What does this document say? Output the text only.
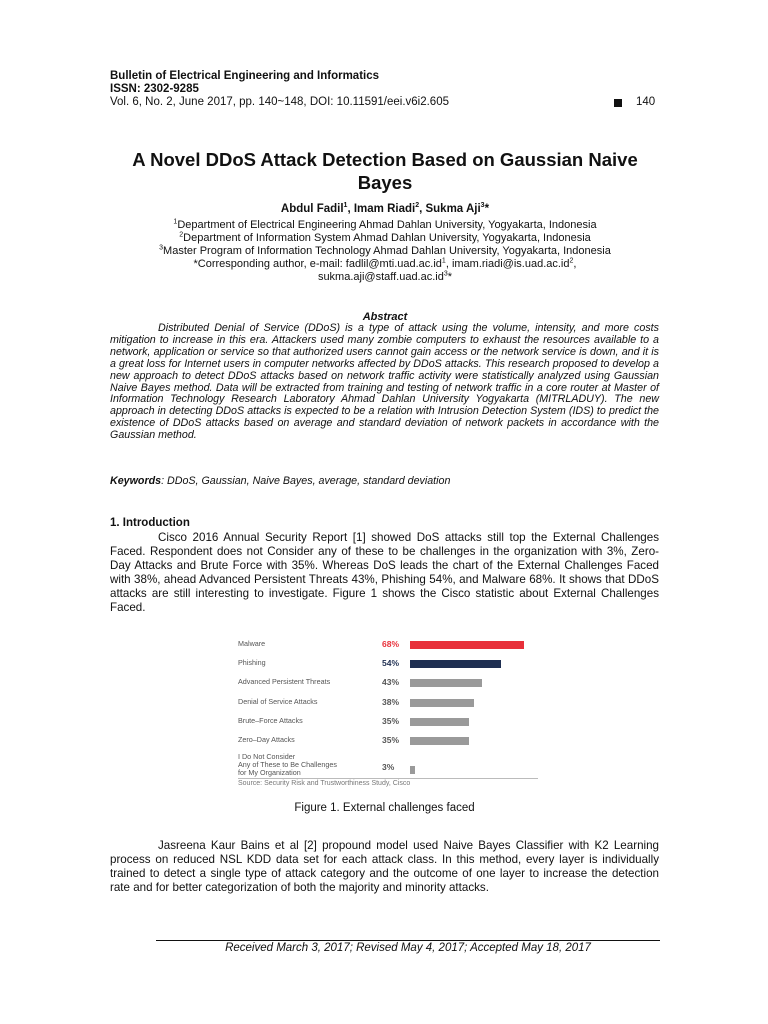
Bulletin of Electrical Engineering and Informatics
ISSN: 2302-9285
Vol. 6, No. 2, June 2017, pp. 140~148, DOI: 10.11591/eei.v6i2.605	140
A Novel DDoS Attack Detection Based on Gaussian Naive Bayes
Abdul Fadil$^1$, Imam Riadi$^2$, Sukma Aji$^3$*
$^1$Department of Electrical Engineering Ahmad Dahlan University, Yogyakarta, Indonesia
$^2$Department of Information System Ahmad Dahlan University, Yogyakarta, Indonesia
$^3$Master Program of Information Technology Ahmad Dahlan University, Yogyakarta, Indonesia
*Corresponding author, e-mail: $fadlil@mti.uad.ac.id^1$, $imam.riadi@is.uad.ac.id^2$,
$sukma.aji@staff.uad.ac.id^3*$
Abstract
Distributed Denial of Service (DDoS) is a type of attack using the volume, intensity, and more costs mitigation to increase in this era. Attackers used many zombie computers to exhaust the resources available to a network, application or service so that authorized users cannot gain access or the network service is down, and it is a great loss for Internet users in computer networks affected by DDoS attacks. This research proposed to develop a new approach to detect DDoS attacks based on network traffic activity were statistically analyzed using Gaussian Naive Bayes method. Data will be extracted from training and testing of network traffic in a core router at Master of Information Technology Research Laboratory Ahmad Dahlan University Yogyakarta (MITRLADUY). The new approach in detecting DDoS attacks is expected to be a relation with Intrusion Detection System (IDS) to predict the existence of DDoS attacks based on average and standard deviation of network packets in accordance with the Gaussian method.
Keywords: DDoS, Gaussian, Naive Bayes, average, standard deviation
1. Introduction
Cisco 2016 Annual Security Report [1] showed DoS attacks still top the External Challenges Faced. Respondent does not Consider any of these to be challenges in the organization with 3%, Zero-Day Attacks and Brute Force with 35%. Whereas DoS leads the chart of the External Challenges Faced with 38%, ahead Advanced Persistent Threats 43%, Phishing 54%, and Malware 68%. It shows that DDoS attacks are still interesting to investigate. Figure 1 shows the Cisco statistic about External Challenges Faced.
Malware	68%
Phishing	54%
Advanced Persistent Threats	43%
Denial of Service Attacks	38%
Brute–Force Attacks	35%
Zero–Day Attacks	35%
I Do Not Consider
Any of These to Be Challenges
for My Organization
3%
Source: Security Risk and Trustworthiness Study, Cisco
Figure 1. External challenges faced
Jasreena Kaur Bains et al [2] propound model used Naive Bayes Classifier with K2 Learning process on reduced NSL KDD data set for each attack class. In this method, every layer is individually trained to detect a single type of attack category and the outcome of one layer to increase the detection rate and for better categorization of both the majority and minority attacks.
Received March 3, 2017; Revised May 4, 2017; Accepted May 18, 2017
